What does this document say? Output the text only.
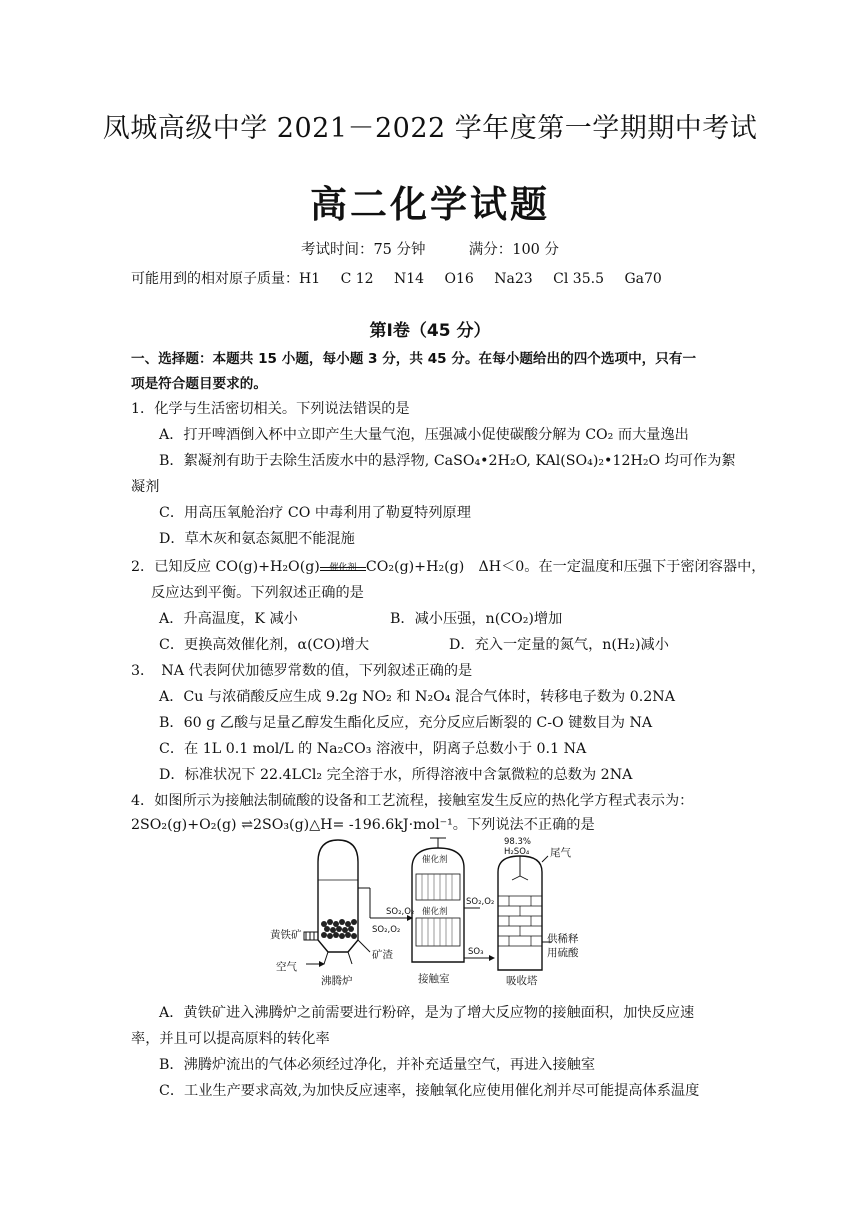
凤城高级中学 2021－2022 学年度第一学期期中考试
高二化学试题
考试时间：75 分钟	满分：100 分
可能用到的相对原子质量：H1 C 12 N14 O16 Na23 Cl 35.5 Ga70
第Ⅰ卷（45 分）
一、选择题：本题共 15 小题，每小题 3 分，共 45 分。在每小题给出的四个选项中，只有一
项是符合题目要求的。
1．化学与生活密切相关。下列说法错误的是
A．打开啤酒倒入杯中立即产生大量气泡，压强减小促使碳酸分解为 CO₂ 而大量逸出
B．絮凝剂有助于去除生活废水中的悬浮物, CaSO₄•2H₂O, KAl(SO₄)₂•12H₂O 均可作为絮
凝剂
C．用高压氧舱治疗 CO 中毒利用了勒夏特列原理
D．草木灰和氨态氮肥不能混施
2．已知反应 CO(g)+H₂O(g)	催化剂 CO₂(g)+H₂(g)　ΔH＜0。在一定温度和压强下于密闭容器中，
反应达到平衡。下列叙述正确的是
A．升高温度，K 减小	B．减小压强，n(CO₂)增加
C．更换高效催化剂，α(CO)增大	D．充入一定量的氮气，n(H₂)减小
3．　NA 代表阿伏加德罗常数的值，下列叙述正确的是
A．Cu 与浓硝酸反应生成 9.2g NO₂ 和 N₂O₄ 混合气体时，转移电子数为 0.2NA
B．60 g 乙酸与足量乙醇发生酯化反应，充分反应后断裂的 C-O 键数目为 NA
C．在 1L 0.1 mol/L 的 Na₂CO₃ 溶液中，阴离子总数小于 0.1 NA
D．标准状况下 22.4LCl₂ 完全溶于水，所得溶液中含氯微粒的总数为 2NA
4．如图所示为接触法制硫酸的设备和工艺流程，接触室发生反应的热化学方程式表示为：
2SO₂(g)+O₂(g) ⇌2SO₃(g)△H= -196.6kJ·mol⁻¹。下列说法不正确的是
黄铁矿
空气
沸腾炉
矿渣
SO₂,O₂
催化剂
催化剂
SO₂,O₂
SO₂,O₂
SO₃
接触室
98.3%
H₂SO₄ 尾气
供稀释
用硫酸
吸收塔
A．黄铁矿进入沸腾炉之前需要进行粉碎，是为了增大反应物的接触面积，加快反应速
率，并且可以提高原料的转化率
B．沸腾炉流出的气体必须经过净化，并补充适量空气，再进入接触室
C．工业生产要求高效,为加快反应速率，接触氧化应使用催化剂并尽可能提高体系温度
